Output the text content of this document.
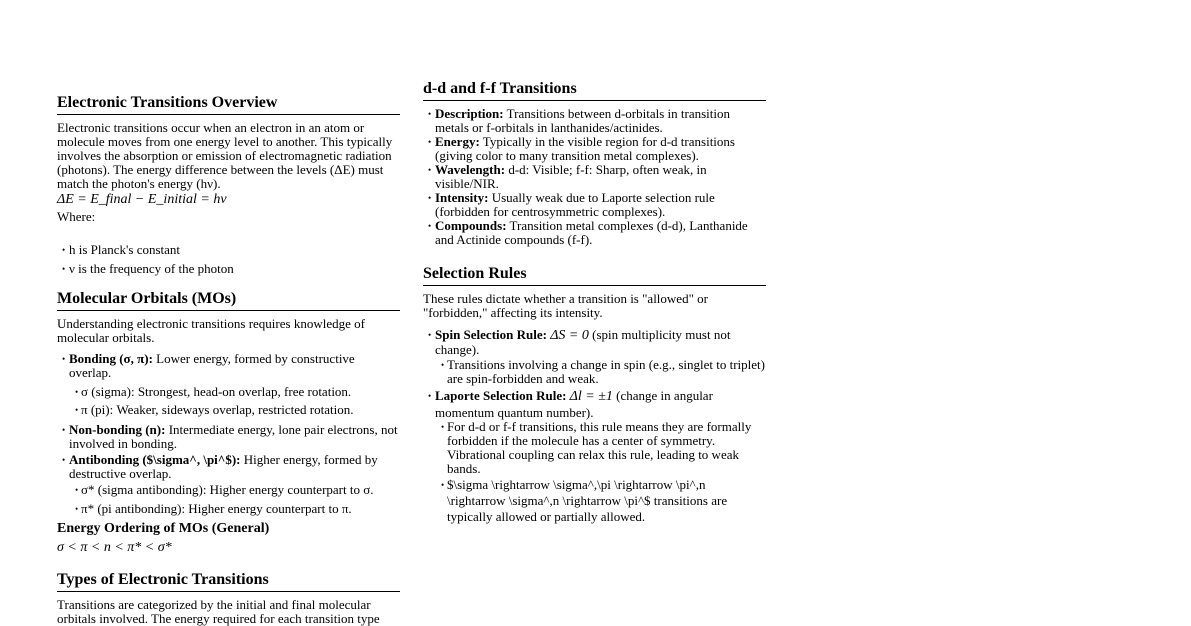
Electronic Transitions Overview

Electronic transitions occur when an electron in an atom or molecule moves from one energy level to another. This typically involves the absorption or emission of electromagnetic radiation (photons). The energy difference between the levels (ΔE) must match the photon's energy (hν).

ΔE = E_final − E_initial = hν

Where:

• h is Planck's constant
• ν is the frequency of the photon
Molecular Orbitals (MOs)

Understanding electronic transitions requires knowledge of molecular orbitals.

• Bonding (σ, π): Lower energy, formed by constructive overlap.
• σ (sigma): Strongest, head-on overlap, free rotation.
• π (pi): Weaker, sideways overlap, restricted rotation.
• Non-bonding (n): Intermediate energy, lone pair electrons, not involved in bonding.
• Antibonding ($\sigma^, \pi^$): Higher energy, formed by destructive overlap.
• σ* (sigma antibonding): Higher energy counterpart to σ.
• π* (pi antibonding): Higher energy counterpart to π.
Energy Ordering of MOs (General)

σ < π < n < π* < σ*

Types of Electronic Transitions

Transitions are categorized by the initial and final molecular orbitals involved. The energy required for each transition type

d-d and f-f Transitions
• Description: Transitions between d-orbitals in transition metals or f-orbitals in lanthanides/actinides.
• Energy: Typically in the visible region for d-d transitions (giving color to many transition metal complexes).
• Wavelength: d-d: Visible; f-f: Sharp, often weak, in visible/NIR.
• Intensity: Usually weak due to Laporte selection rule (forbidden for centrosymmetric complexes).
• Compounds: Transition metal complexes (d-d), Lanthanide and Actinide compounds (f-f).
Selection Rules

These rules dictate whether a transition is "allowed" or "forbidden," affecting its intensity.

• Spin Selection Rule: ΔS = 0 (spin multiplicity must not change).
• Transitions involving a change in spin (e.g., singlet to triplet) are spin-forbidden and weak.
• Laporte Selection Rule: Δl = ±1 (change in angular momentum quantum number).
• For d-d or f-f transitions, this rule means they are formally forbidden if the molecule has a center of symmetry. Vibrational coupling can relax this rule, leading to weak bands.
• $\sigma \rightarrow \sigma^,\pi \rightarrow \pi^,n \rightarrow \sigma^,n \rightarrow \pi^$ transitions are typically allowed or partially allowed.
